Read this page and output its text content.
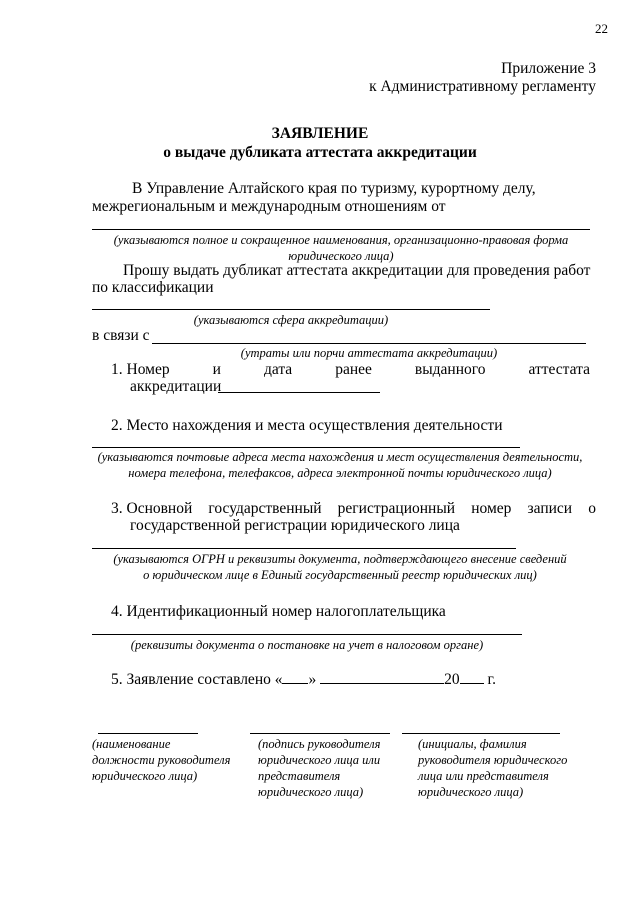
22
Приложение 3
к Административному регламенту
ЗАЯВЛЕНИЕ
о выдаче дубликата аттестата аккредитации
В Управление Алтайского края по туризму, курортному делу,
межрегиональным и международным отношениям от
(указываются полное и сокращенное наименования, организационно-правовая форма
юридического лица)
Прошу выдать дубликат аттестата аккредитации для проведения работ
по классификации
(указываются сфера аккредитации)
в связи с
(утраты или порчи аттестата аккредитации)
1. Номер	и	дата	ранее	выданного	аттестата
аккредитации
2. Место нахождения и места осуществления деятельности
(указываются почтовые адреса места нахождения и мест осуществления деятельности,
номера телефона, телефаксов, адреса электронной почты юридического лица)
3. Основной государственный регистрационный номер записи о
государственной регистрации юридического лица
(указываются ОГРН и реквизиты документа, подтверждающего внесение сведений
о юридическом лице в Единый государственный реестр юридических лиц)
4. Идентификационный номер налогоплательщика
(реквизиты документа о постановке на учет в налоговом органе)
5. Заявление составлено « »	20 г.
(наименование
должности руководителя
юридического лица)
(подпись руководителя
юридического лица или
представителя
юридического лица)
(инициалы, фамилия
руководителя юридического
лица или представителя
юридического лица)
